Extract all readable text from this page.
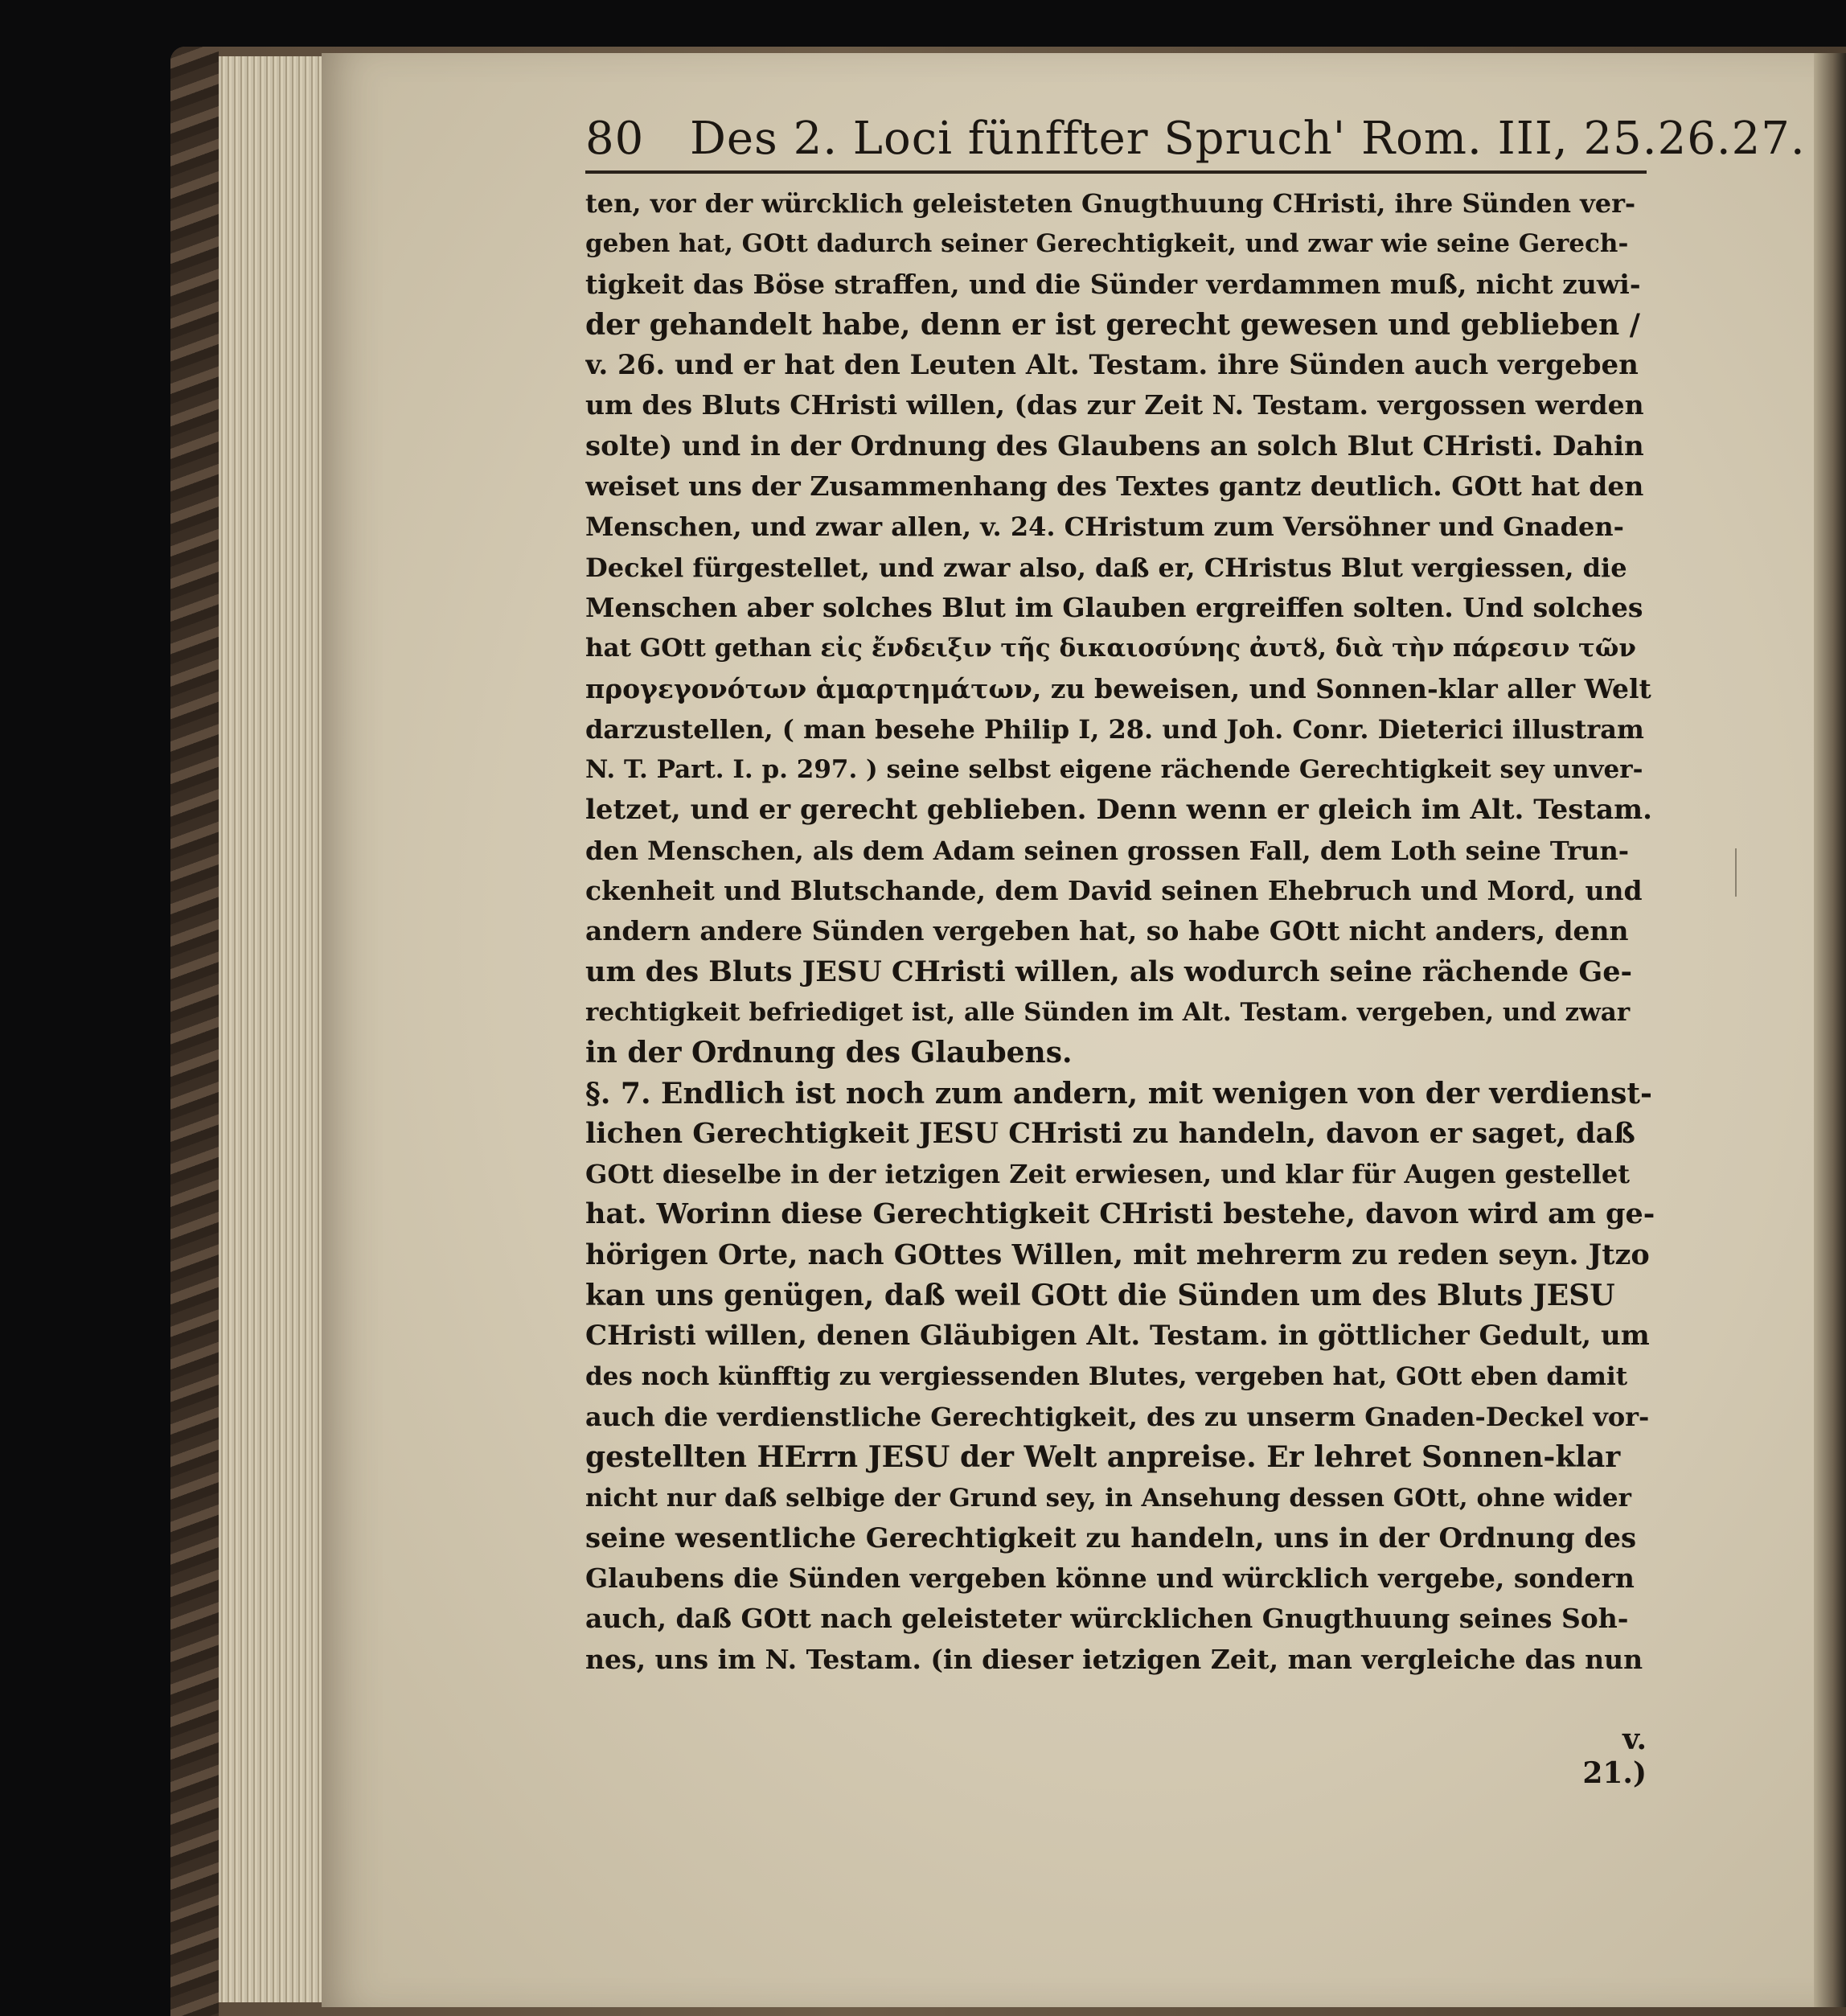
80 Des 2. Loci fünffter Spruch' Rom. III, 25.26.27.
ten, vor der würcklich geleisteten Gnugthuung CHristi, ihre Sünden ver-
geben hat, GOtt dadurch seiner Gerechtigkeit, und zwar wie seine Gerech-
tigkeit das Böse straffen, und die Sünder verdammen muß, nicht zuwi-
der gehandelt habe, denn er ist gerecht gewesen und geblieben /
v. 26. und er hat den Leuten Alt. Testam. ihre Sünden auch vergeben
um des Bluts CHristi willen, (das zur Zeit N. Testam. vergossen werden
solte) und in der Ordnung des Glaubens an solch Blut CHristi. Dahin
weiset uns der Zusammenhang des Textes gantz deutlich. GOtt hat den
Menschen, und zwar allen, v. 24. CHristum zum Versöhner und Gnaden-
Deckel fürgestellet, und zwar also, daß er, CHristus Blut vergiessen, die
Menschen aber solches Blut im Glauben ergreiffen solten. Und solches
hat GOtt gethan εἰς ἔνδειξιν τῆς δικαιοσύνης ἀυτȣ, διὰ τὴν πάρεσιν τῶν
προγεγονότων ἁμαρτημάτων, zu beweisen, und Sonnen-klar aller Welt
darzustellen, ( man besehe Philip I, 28. und Joh. Conr. Dieterici illustram
N. T. Part. I. p. 297. ) seine selbst eigene rächende Gerechtigkeit sey unver-
letzet, und er gerecht geblieben. Denn wenn er gleich im Alt. Testam.
den Menschen, als dem Adam seinen grossen Fall, dem Loth seine Trun-
ckenheit und Blutschande, dem David seinen Ehebruch und Mord, und
andern andere Sünden vergeben hat, so habe GOtt nicht anders, denn
um des Bluts JESU CHristi willen, als wodurch seine rächende Ge-
rechtigkeit befriediget ist, alle Sünden im Alt. Testam. vergeben, und zwar
in der Ordnung des Glaubens.
§. 7. Endlich ist noch zum andern, mit wenigen von der verdienst-
lichen Gerechtigkeit JESU CHristi zu handeln, davon er saget, daß
GOtt dieselbe in der ietzigen Zeit erwiesen, und klar für Augen gestellet
hat. Worinn diese Gerechtigkeit CHristi bestehe, davon wird am ge-
hörigen Orte, nach GOttes Willen, mit mehrerm zu reden seyn. Jtzo
kan uns genügen, daß weil GOtt die Sünden um des Bluts JESU
CHristi willen, denen Gläubigen Alt. Testam. in göttlicher Gedult, um
des noch künfftig zu vergiessenden Blutes, vergeben hat, GOtt eben damit
auch die verdienstliche Gerechtigkeit, des zu unserm Gnaden-Deckel vor-
gestellten HErrn JESU der Welt anpreise. Er lehret Sonnen-klar
nicht nur daß selbige der Grund sey, in Ansehung dessen GOtt, ohne wider
seine wesentliche Gerechtigkeit zu handeln, uns in der Ordnung des
Glaubens die Sünden vergeben könne und würcklich vergebe, sondern
auch, daß GOtt nach geleisteter würcklichen Gnugthuung seines Soh-
nes, uns im N. Testam. (in dieser ietzigen Zeit, man vergleiche das nun
v. 21.)
